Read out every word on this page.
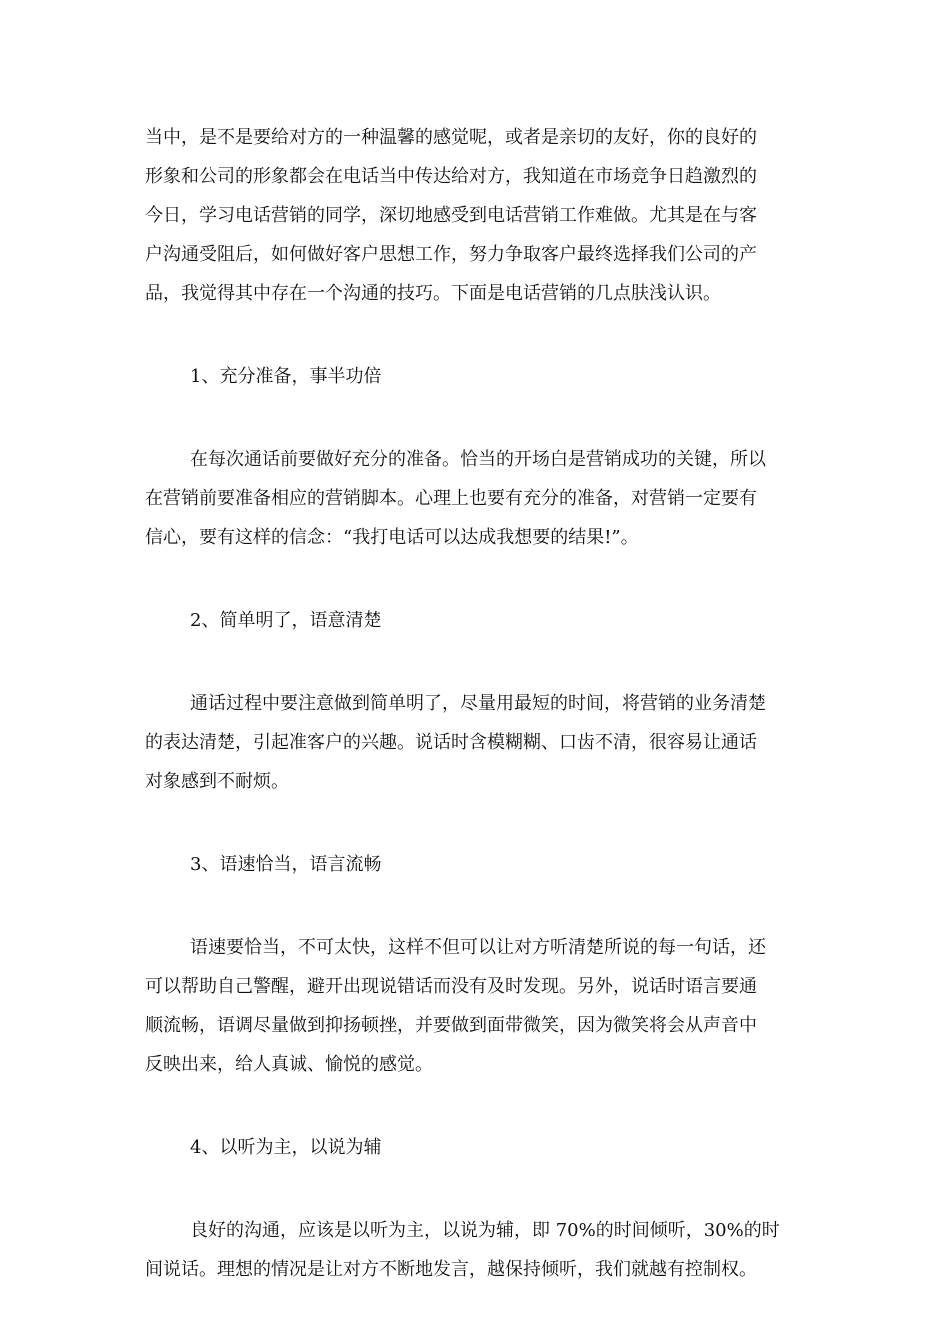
当中，是不是要给对方的一种温馨的感觉呢，或者是亲切的友好，你的良好的
形象和公司的形象都会在电话当中传达给对方，我知道在市场竞争日趋激烈的
今日，学习电话营销的同学，深切地感受到电话营销工作难做。尤其是在与客
户沟通受阻后，如何做好客户思想工作，努力争取客户最终选择我们公司的产
品，我觉得其中存在一个沟通的技巧。下面是电话营销的几点肤浅认识。

1、充分准备，事半功倍

在每次通话前要做好充分的准备。恰当的开场白是营销成功的关键，所以
在营销前要准备相应的营销脚本。心理上也要有充分的准备，对营销一定要有
信心，要有这样的信念：“我打电话可以达成我想要的结果!”。

2、简单明了，语意清楚

通话过程中要注意做到简单明了，尽量用最短的时间，将营销的业务清楚
的表达清楚，引起准客户的兴趣。说话时含模糊糊、口齿不清，很容易让通话
对象感到不耐烦。

3、语速恰当，语言流畅

语速要恰当，不可太快，这样不但可以让对方听清楚所说的每一句话，还
可以帮助自己警醒，避开出现说错话而没有及时发现。另外，说话时语言要通
顺流畅，语调尽量做到抑扬顿挫，并要做到面带微笑，因为微笑将会从声音中
反映出来，给人真诚、愉悦的感觉。

4、以听为主，以说为辅

良好的沟通，应该是以听为主，以说为辅，即 70%的时间倾听，30%的时
间说话。理想的情况是让对方不断地发言，越保持倾听，我们就越有控制权。
